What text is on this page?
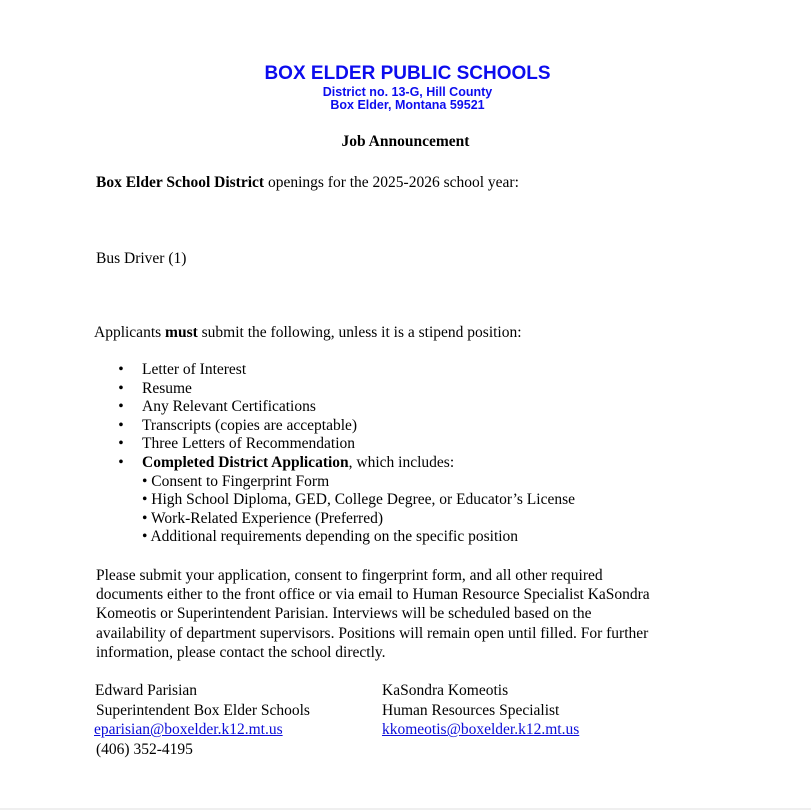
BOX ELDER PUBLIC SCHOOLS
District no. 13-G, Hill County
Box Elder, Montana 59521
Job Announcement
Box Elder School District openings for the 2025-2026 school year:
Bus Driver (1)
Applicants must submit the following, unless it is a stipend position:
• Letter of Interest
• Resume
• Any Relevant Certifications
• Transcripts (copies are acceptable)
• Three Letters of Recommendation
• Completed District Application, which includes:
• Consent to Fingerprint Form
• High School Diploma, GED, College Degree, or Educator’s License
• Work-Related Experience (Preferred)
• Additional requirements depending on the specific position
Please submit your application, consent to fingerprint form, and all other required
documents either to the front office or via email to Human Resource Specialist KaSondra
Komeotis or Superintendent Parisian. Interviews will be scheduled based on the
availability of department supervisors. Positions will remain open until filled. For further
information, please contact the school directly.
Edward Parisian
Superintendent Box Elder Schools
eparisian@boxelder.k12.mt.us
(406) 352-4195
KaSondra Komeotis
Human Resources Specialist
kkomeotis@boxelder.k12.mt.us
